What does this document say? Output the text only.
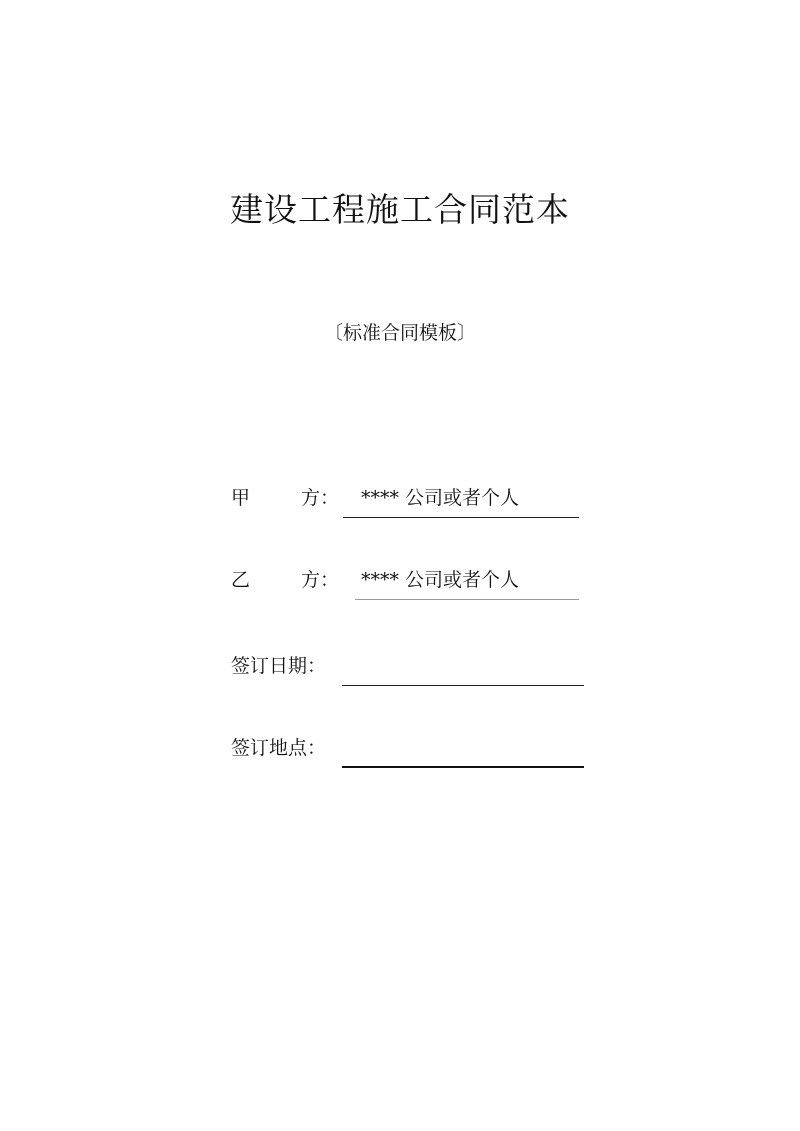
建设工程施工合同范本
〔标准合同模板〕
甲	方： **** 公司或者个人
乙	方： **** 公司或者个人
签订日期：
签订地点：
